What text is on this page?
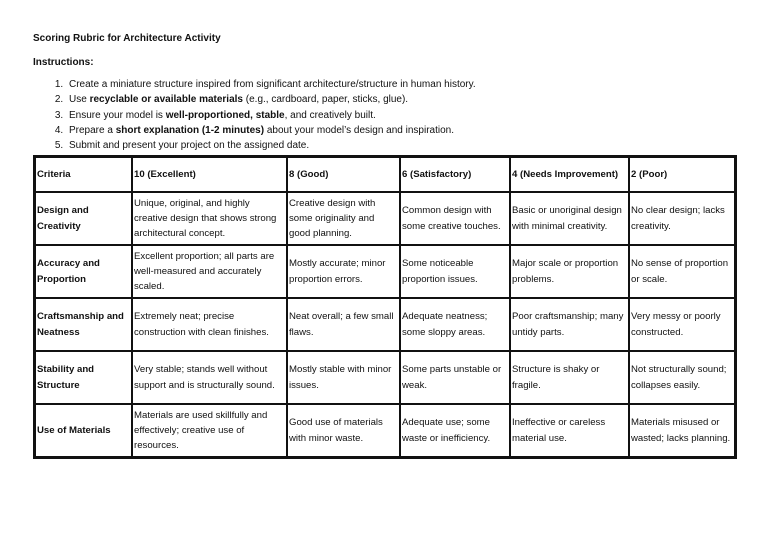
Scoring Rubric for Architecture Activity
Instructions:
1. Create a miniature structure inspired from significant architecture/structure in human history.
2. Use recyclable or available materials (e.g., cardboard, paper, sticks, glue).
3. Ensure your model is well-proportioned, stable, and creatively built.
4. Prepare a short explanation (1-2 minutes) about your model’s design and inspiration.
5. Submit and present your project on the assigned date.
Criteria	10 (Excellent)	8 (Good)	6 (Satisfactory)	4 (Needs Improvement)	2 (Poor)
Design and Creativity	Unique, original, and highly creative design that shows strong architectural concept.	Creative design with some originality and good planning.	Common design with some creative touches.	Basic or unoriginal design with minimal creativity.	No clear design; lacks creativity.
Accuracy and Proportion	Excellent proportion; all parts are well-measured and accurately scaled.	Mostly accurate; minor proportion errors.	Some noticeable proportion issues.	Major scale or proportion problems.	No sense of proportion or scale.
Craftsmanship and Neatness	Extremely neat; precise construction with clean finishes.	Neat overall; a few small flaws.	Adequate neatness; some sloppy areas.	Poor craftsmanship; many untidy parts.	Very messy or poorly constructed.
Stability and Structure	Very stable; stands well without support and is structurally sound.	Mostly stable with minor issues.	Some parts unstable or weak.	Structure is shaky or fragile.	Not structurally sound; collapses easily.
Use of Materials	Materials are used skillfully and effectively; creative use of resources.	Good use of materials with minor waste.	Adequate use; some waste or inefficiency.	Ineffective or careless material use.	Materials misused or wasted; lacks planning.
